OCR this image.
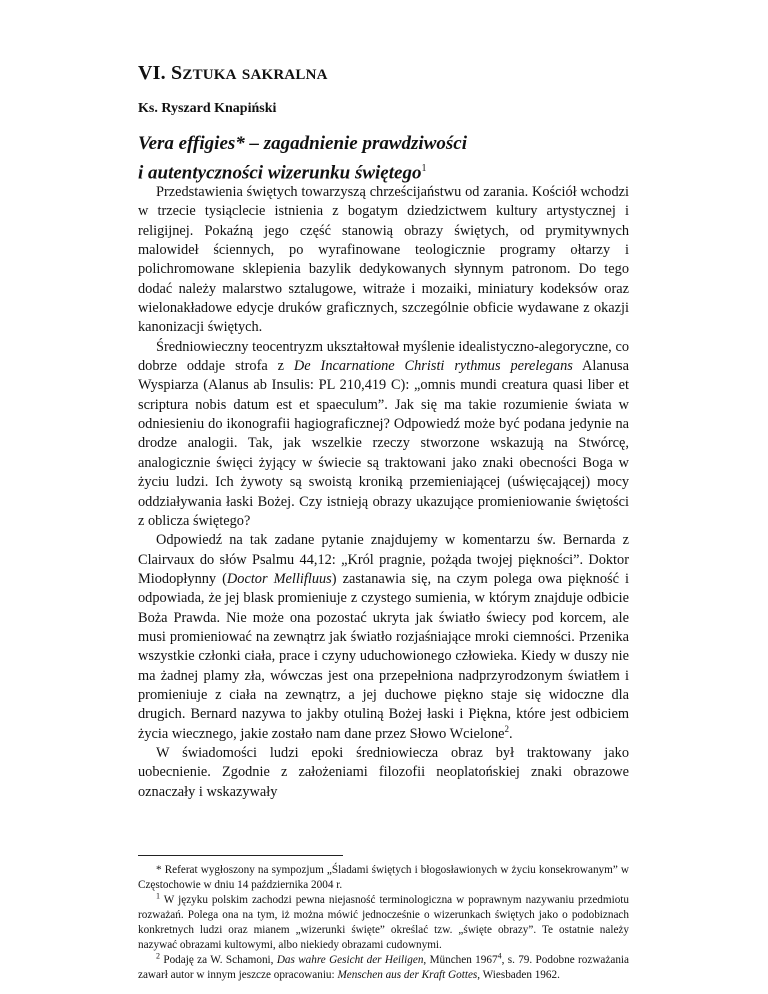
VI. SZTUKA SAKRALNA
Ks. Ryszard Knapiński
Vera effigies* – zagadnienie prawdziwości
i autentyczności wizerunku świętego$^1$

Przedstawienia świętych towarzyszą chrześcijaństwu od zarania. Kościół wchodzi w trzecie tysiąclecie istnienia z bogatym dziedzictwem kultury artystycznej i religijnej. Pokaźną jego część stanowią obrazy świętych, od prymitywnych malowideł ściennych, po wyrafinowane teologicznie programy ołtarzy i polichromowane sklepienia bazylik dedykowanych słynnym patronom. Do tego dodać należy malarstwo sztalugowe, witraże i mozaiki, miniatury kodeksów oraz wielonakładowe edycje druków graficznych, szczególnie obficie wydawane z okazji kanonizacji świętych.

Średniowieczny teocentryzm ukształtował myślenie idealistyczno-alegoryczne, co dobrze oddaje strofa z De Incarnatione Christi rythmus perelegans Alanusa Wyspiarza (Alanus ab Insulis: PL 210,419 C): „omnis mundi creatura quasi liber et scriptura nobis datum est et spaeculum”. Jak się ma takie rozumienie świata w odniesieniu do ikonografii hagiograficznej? Odpowiedź może być podana jedynie na drodze analogii. Tak, jak wszelkie rzeczy stworzone wskazują na Stwórcę, analogicznie święci żyjący w świecie są traktowani jako znaki obecności Boga w życiu ludzi. Ich żywoty są swoistą kroniką przemieniającej (uświęcającej) mocy oddziaływania łaski Bożej. Czy istnieją obrazy ukazujące promieniowanie świętości z oblicza świętego?

Odpowiedź na tak zadane pytanie znajdujemy w komentarzu św. Bernarda z Clairvaux do słów Psalmu 44,12: „Król pragnie, pożąda twojej piękności”. Doktor Miodopłynny (Doctor Mellifluus) zastanawia się, na czym polega owa piękność i odpowiada, że jej blask promieniuje z czystego sumienia, w którym znajduje odbicie Boża Prawda. Nie może ona pozostać ukryta jak światło świecy pod korcem, ale musi promieniować na zewnątrz jak światło rozjaśniające mroki ciemności. Przenika wszystkie członki ciała, prace i czyny uduchowionego człowieka. Kiedy w duszy nie ma żadnej plamy zła, wówczas jest ona przepełniona nadprzyrodzonym światłem i promieniuje z ciała na zewnątrz, a jej duchowe piękno staje się widoczne dla drugich. Bernard nazywa to jakby otuliną Bożej łaski i Piękna, które jest odbiciem życia wiecznego, jakie zostało nam dane przez Słowo Wcielone$^2$.

W świadomości ludzi epoki średniowiecza obraz był traktowany jako uobecnienie. Zgodnie z założeniami filozofii neoplatońskiej znaki obrazowe oznaczały i wskazywały

* Referat wygłoszony na sympozjum „Śladami świętych i błogosławionych w życiu konsekrowanym” w Częstochowie w dniu 14 października 2004 r.

$^1$ W języku polskim zachodzi pewna niejasność terminologiczna w poprawnym nazywaniu przedmiotu rozważań. Polega ona na tym, iż można mówić jednocześnie o wizerunkach świętych jako o podobiznach konkretnych ludzi oraz mianem „wizerunki święte” określać tzw. „święte obrazy”. Te ostatnie należy nazywać obrazami kultowymi, albo niekiedy obrazami cudownymi.

$^2$ Podaję za W. Schamoni, Das wahre Gesicht der Heiligen, München 1967$^4$, s. 79. Podobne rozważania zawarł autor w innym jeszcze opracowaniu: Menschen aus der Kraft Gottes, Wiesbaden 1962.
